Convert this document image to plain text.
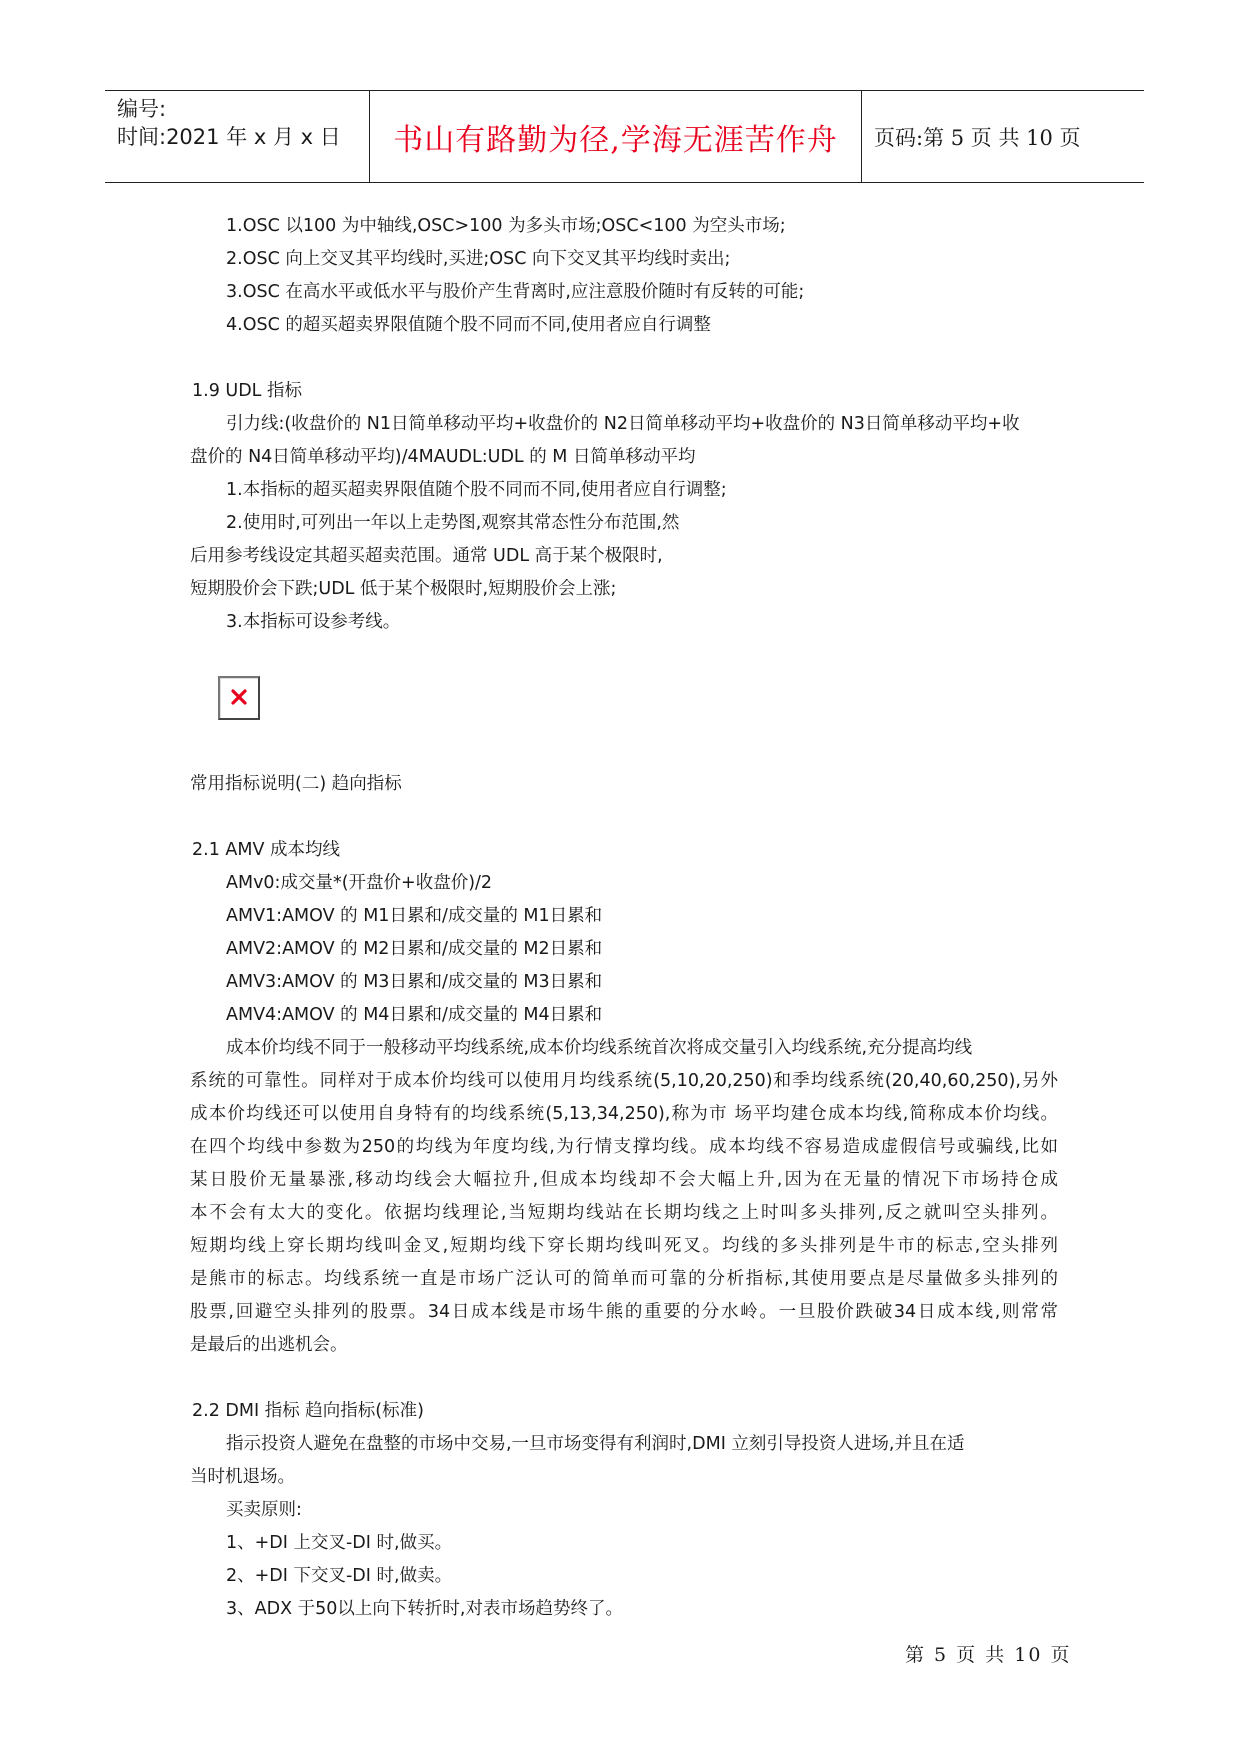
编号:
时间:2021 年 x 月 x 日 书山有路勤为径,学海无涯苦作舟 页码:第 5 页 共 10 页
1.OSC 以100 为中轴线,OSC>100 为多头市场;OSC<100 为空头市场;
2.OSC 向上交叉其平均线时,买进;OSC 向下交叉其平均线时卖出;
3.OSC 在高水平或低水平与股价产生背离时,应注意股价随时有反转的可能;
4.OSC 的超买超卖界限值随个股不同而不同,使用者应自行调整
1.9 UDL 指标
引力线:(收盘价的 N1日简单移动平均+收盘价的 N2日简单移动平均+收盘价的 N3日简单移动平均+收
盘价的 N4日简单移动平均)/4MAUDL:UDL 的 M 日简单移动平均
1.本指标的超买超卖界限值随个股不同而不同,使用者应自行调整;
2.使用时,可列出一年以上走势图,观察其常态性分布范围,然
后用参考线设定其超买超卖范围。通常 UDL 高于某个极限时,
短期股价会下跌;UDL 低于某个极限时,短期股价会上涨;
3.本指标可设参考线。
常用指标说明(二) 趋向指标
2.1 AMV 成本均线
AMv0:成交量*(开盘价+收盘价)/2
AMV1:AMOV 的 M1日累和/成交量的 M1日累和
AMV2:AMOV 的 M2日累和/成交量的 M2日累和
AMV3:AMOV 的 M3日累和/成交量的 M3日累和
AMV4:AMOV 的 M4日累和/成交量的 M4日累和
成本价均线不同于一般移动平均线系统,成本价均线系统首次将成交量引入均线系统,充分提高均线
系统的可靠性。同样对于成本价均线可以使用月均线系统(5,10,20,250)和季均线系统(20,40,60,250),另外
成本价均线还可以使用自身特有的均线系统(5,13,34,250),称为市 场平均建仓成本均线,简称成本价均线。
在四个均线中参数为250的均线为年度均线,为行情支撑均线。成本均线不容易造成虚假信号或骗线,比如
某日股价无量暴涨,移动均线会大幅拉升,但成本均线却不会大幅上升,因为在无量的情况下市场持仓成
本不会有太大的变化。依据均线理论,当短期均线站在长期均线之上时叫多头排列,反之就叫空头排列。
短期均线上穿长期均线叫金叉,短期均线下穿长期均线叫死叉。均线的多头排列是牛市的标志,空头排列
是熊市的标志。均线系统一直是市场广泛认可的简单而可靠的分析指标,其使用要点是尽量做多头排列的
股票,回避空头排列的股票。34日成本线是市场牛熊的重要的分水岭。一旦股价跌破34日成本线,则常常
是最后的出逃机会。
2.2 DMI 指标 趋向指标(标准)
指示投资人避免在盘整的市场中交易,一旦市场变得有利润时,DMI 立刻引导投资人进场,并且在适
当时机退场。
买卖原则:
1、+DI 上交叉-DI 时,做买。
2、+DI 下交叉-DI 时,做卖。
3、ADX 于50以上向下转折时,对表市场趋势终了。
第 5 页 共 10 页
